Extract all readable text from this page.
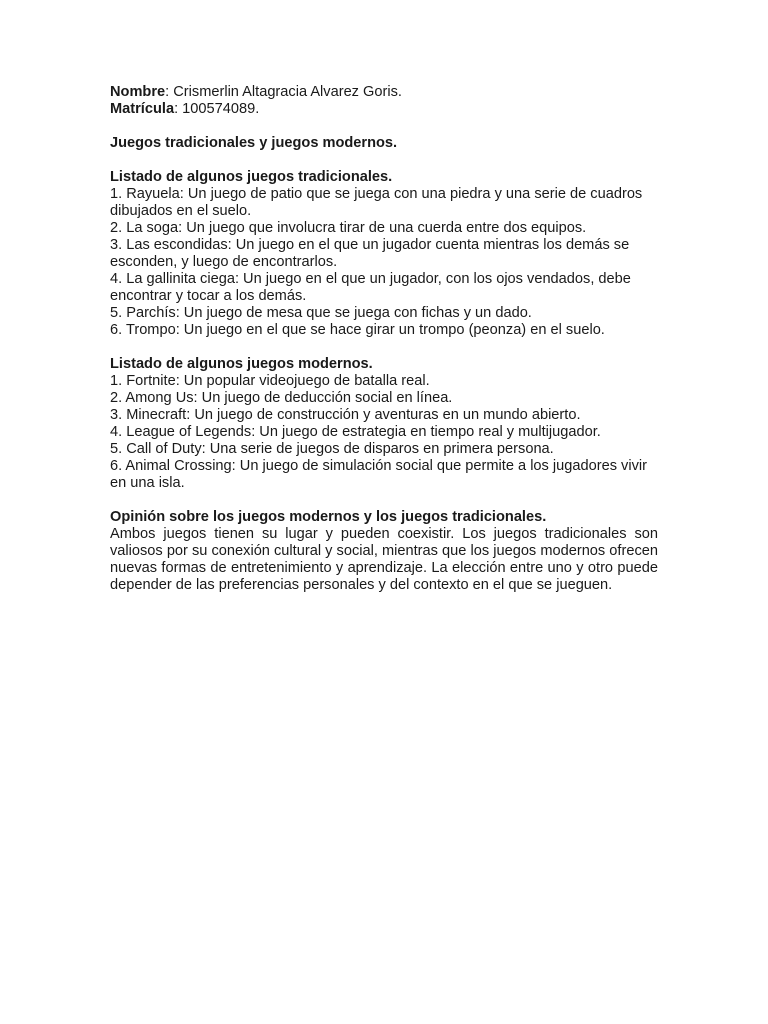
Nombre: Crismerlin Altagracia Alvarez Goris.
Matrícula: 100574089.
Juegos tradicionales y juegos modernos.
Listado de algunos juegos tradicionales.
1. Rayuela: Un juego de patio que se juega con una piedra y una serie de cuadros dibujados en el suelo.
2. La soga: Un juego que involucra tirar de una cuerda entre dos equipos.
3. Las escondidas: Un juego en el que un jugador cuenta mientras los demás se esconden, y luego de encontrarlos.
4. La gallinita ciega: Un juego en el que un jugador, con los ojos vendados, debe encontrar y tocar a los demás.
5. Parchís: Un juego de mesa que se juega con fichas y un dado.
6. Trompo: Un juego en el que se hace girar un trompo (peonza) en el suelo.
Listado de algunos juegos modernos.
1. Fortnite: Un popular videojuego de batalla real.
2. Among Us: Un juego de deducción social en línea.
3. Minecraft: Un juego de construcción y aventuras en un mundo abierto.
4. League of Legends: Un juego de estrategia en tiempo real y multijugador.
5. Call of Duty: Una serie de juegos de disparos en primera persona.
6. Animal Crossing: Un juego de simulación social que permite a los jugadores vivir en una isla.
Opinión sobre los juegos modernos y los juegos tradicionales.
Ambos juegos tienen su lugar y pueden coexistir. Los juegos tradicionales son valiosos por su conexión cultural y social, mientras que los juegos modernos ofrecen nuevas formas de entretenimiento y aprendizaje. La elección entre uno y otro puede depender de las preferencias personales y del contexto en el que se jueguen.
